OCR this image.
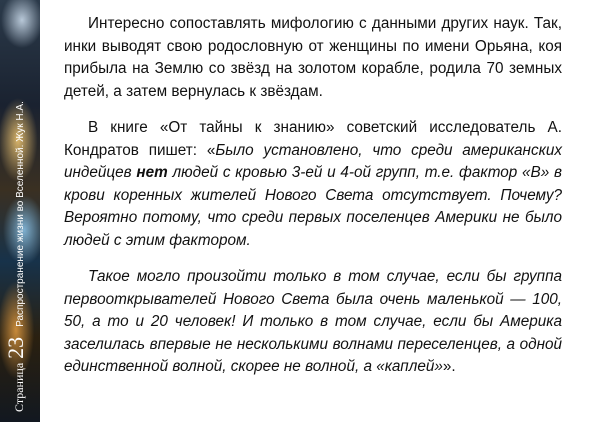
Страница
23
Распространение жизни во Вселенной. Жук Н.А.

Интересно сопоставлять мифологию с данными других наук. Так, инки выводят свою родословную от женщины по имени Орьяна, коя прибыла на Землю со звёзд на золотом корабле, родила 70 земных детей, а затем вернулась к звёздам.

В книге «От тайны к знанию» советский исследователь А. Кондратов пишет: «Было установлено, что среди американских индейцев нет людей с кровью 3-ей и 4-ой групп, т.е. фактор «В» в крови коренных жителей Нового Света отсутствует. Почему? Вероятно потому, что среди первых поселенцев Америки не было людей с этим фактором.

Такое могло произойти только в том случае, если бы группа первооткрывателей Нового Света была очень маленькой — 100, 50, а то и 20 человек! И только в том случае, если бы Америка заселилась впервые не несколькими волнами переселенцев, а одной единственной волной, скорее не волной, а «каплей»».
